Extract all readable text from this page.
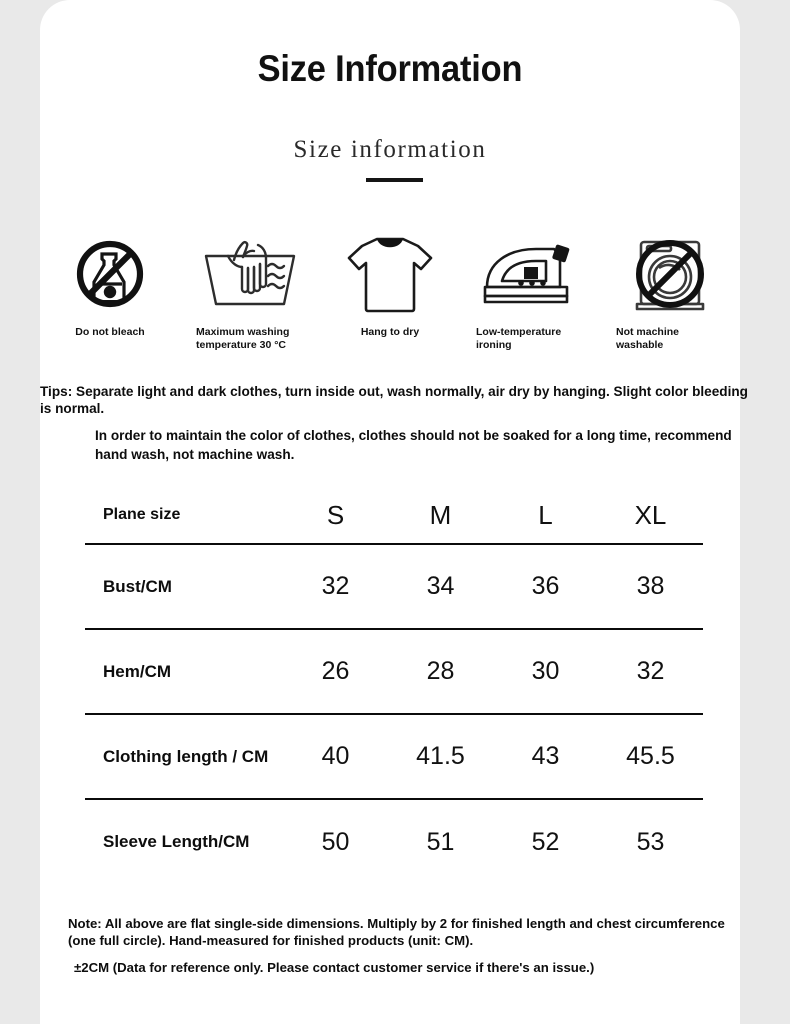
Size Information
Size information
Do not bleach	Maximum washing temperature 30 °C
Hang to dry	Low-temperature ironing
Not machine washable
Tips: Separate light and dark clothes, turn inside out, wash normally, air dry by hanging. Slight color bleeding is normal.
In order to maintain the color of clothes, clothes should not be soaked for a long time, recommend hand wash, not machine wash.
Plane size	S	M	L	XL
Bust/CM	32	34	36	38
Hem/CM	26	28	30	32
Clothing length / CM	40	41.5	43	45.5
Sleeve Length/CM	50	51	52	53
Note: All above are flat single-side dimensions. Multiply by 2 for finished length and chest circumference (one full circle). Hand-measured for finished products (unit: CM).
±2CM (Data for reference only. Please contact customer service if there's an issue.)
